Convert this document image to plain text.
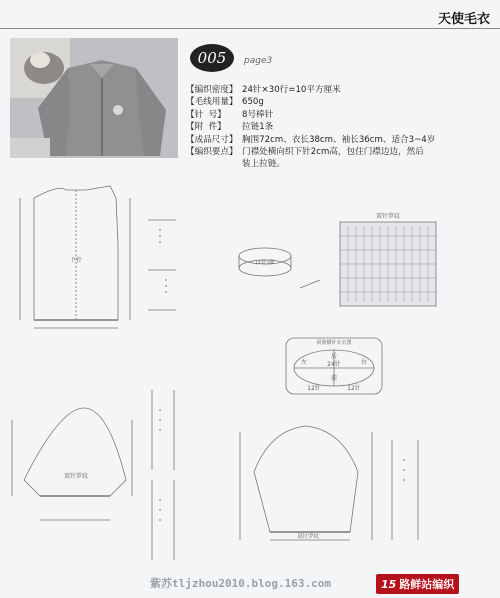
天使毛衣
005	page3
【编织密度】 24针×30行=10平方厘米
【毛线用量】 650g
【针  号】	8号棒针
【附  件】	拉链1条
【成品尺寸】 胸围72cm、衣长38cm、袖长36cm、适合3~4岁
【编织要点】 门襟处横向织下针2cm高，包住门襟边边，然后
装上拉链。
双针罗纹
下针	(1针)领
同篮横针衣衣图
后
24针
左	右
前
12针	12针
双针罗纹
双针罗纹
紫苏tljzhou2010.blog.163.com	15 路鲜站编织
